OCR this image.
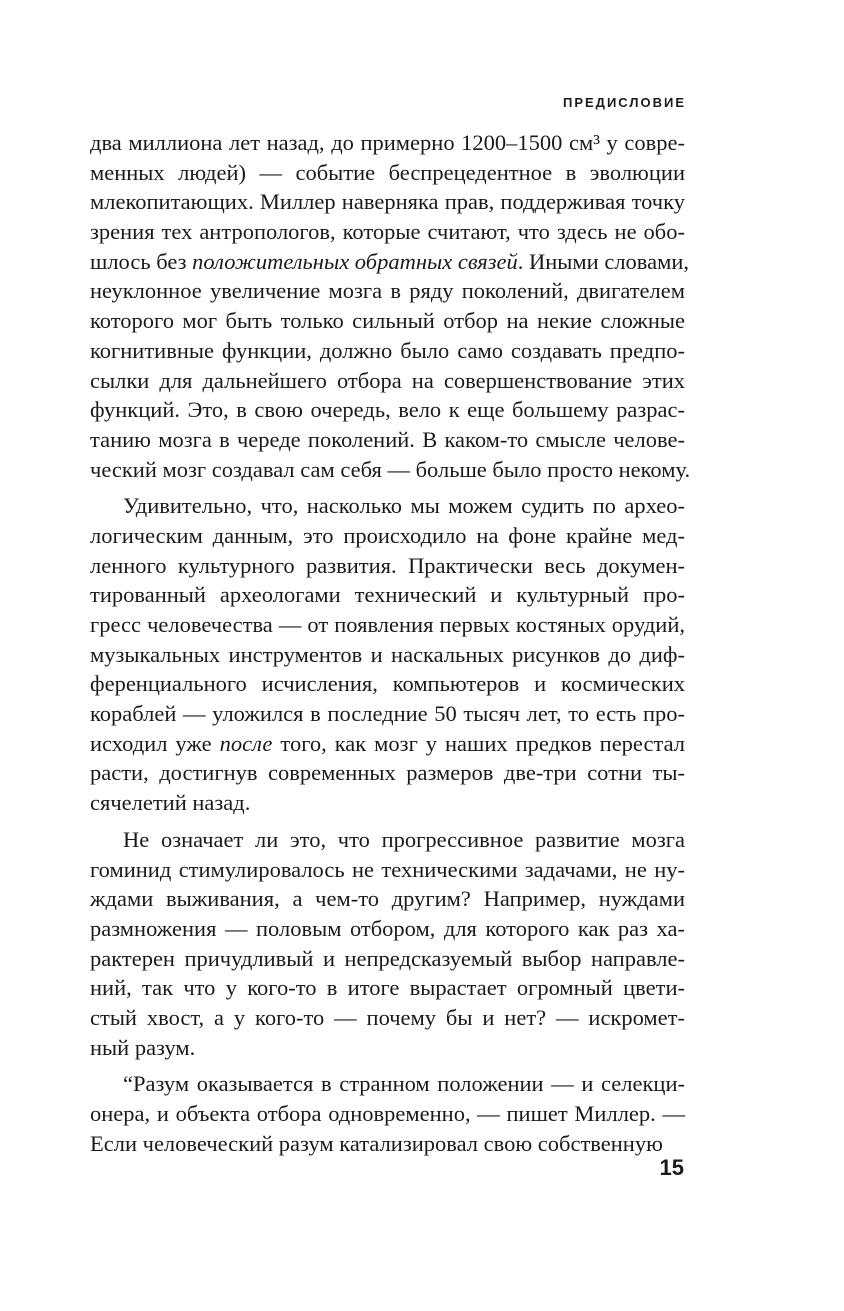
ПРЕДИСЛОВИЕ
два миллиона лет назад, до примерно 1200–1500 см³ у совре-
менных людей) — событие беспрецедентное в эволюции
млекопитающих. Миллер наверняка прав, поддерживая точку
зрения тех антропологов, которые считают, что здесь не обо-
шлось без положительных обратных связей. Иными словами,
неуклонное увеличение мозга в ряду поколений, двигателем
которого мог быть только сильный отбор на некие сложные
когнитивные функции, должно было само создавать предпо-
сылки для дальнейшего отбора на совершенствование этих
функций. Это, в свою очередь, вело к еще большему разрас-
танию мозга в череде поколений. В каком-то смысле челове-
ческий мозг создавал сам себя — больше было просто некому.
Удивительно, что, насколько мы можем судить по архео-
логическим данным, это происходило на фоне крайне мед-
ленного культурного развития. Практически весь докумен-
тированный археологами технический и культурный про-
гресс человечества — от появления первых костяных орудий,
музыкальных инструментов и наскальных рисунков до диф-
ференциального исчисления, компьютеров и космических
кораблей — уложился в последние 50 тысяч лет, то есть про-
исходил уже после того, как мозг у наших предков перестал
расти, достигнув современных размеров две-три сотни ты-
сячелетий назад.
Не означает ли это, что прогрессивное развитие мозга
гоминид стимулировалось не техническими задачами, не ну-
ждами выживания, а чем-то другим? Например, нуждами
размножения — половым отбором, для которого как раз ха-
рактерен причудливый и непредсказуемый выбор направле-
ний, так что у кого-то в итоге вырастает огромный цвети-
стый хвост, а у кого-то — почему бы и нет? — искромет-
ный разум.
“Разум оказывается в странном положении — и селекци-
онера, и объекта отбора одновременно, — пишет Миллер. —
Если человеческий разум катализировал свою собственную
15
